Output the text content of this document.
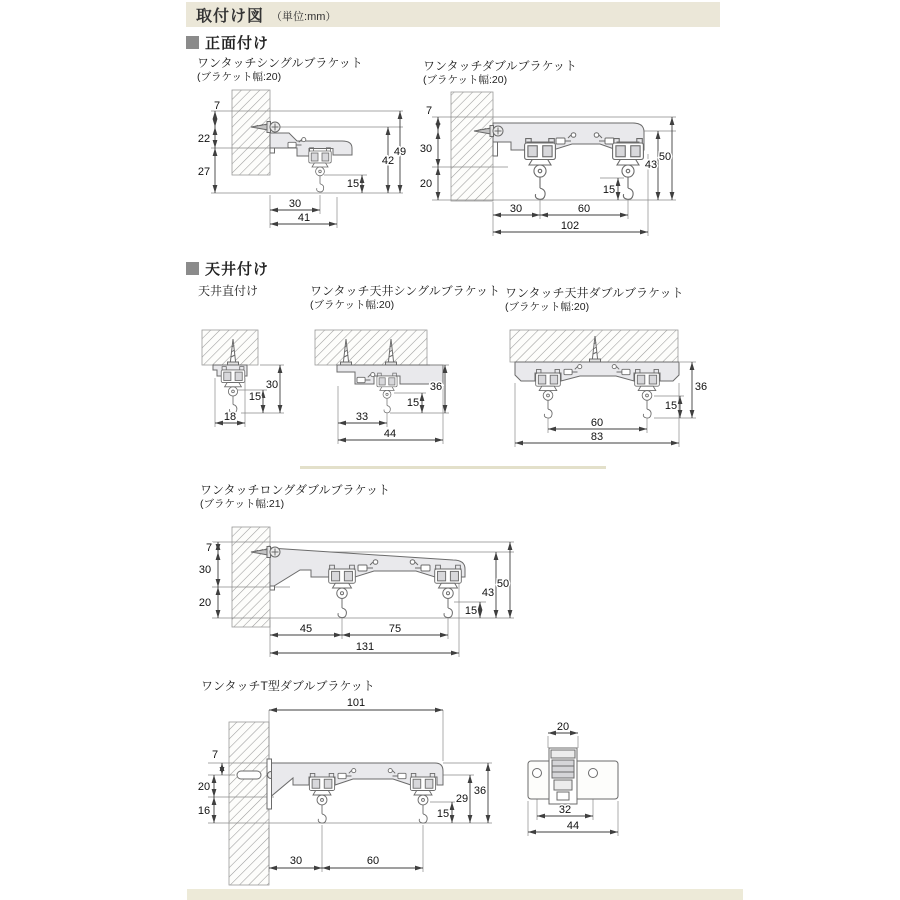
取付け図 （単位:mm）
正面付け
ワンタッチシングルブラケット
(ブラケット幅:20)
ワンタッチダブルブラケット
(ブラケット幅:20)
7
22
27
15
42
49
30
41
7
30
20	15
43
50
30	60
102
天井付け
天井直付け	ワンタッチ天井シングルブラケット
(ブラケット幅:20)
ワンタッチ天井ダブルブラケット
(ブラケット幅:20)
30
15
18
36
15
33
44
36
15
60
83
ワンタッチロングダブルブラケット
(ブラケット幅:21)
7
30
20
15
43
50
45	75
131
ワンタッチT型ダブルブラケット
101
7
20
16	15
29
36
30	60
20
32
44
